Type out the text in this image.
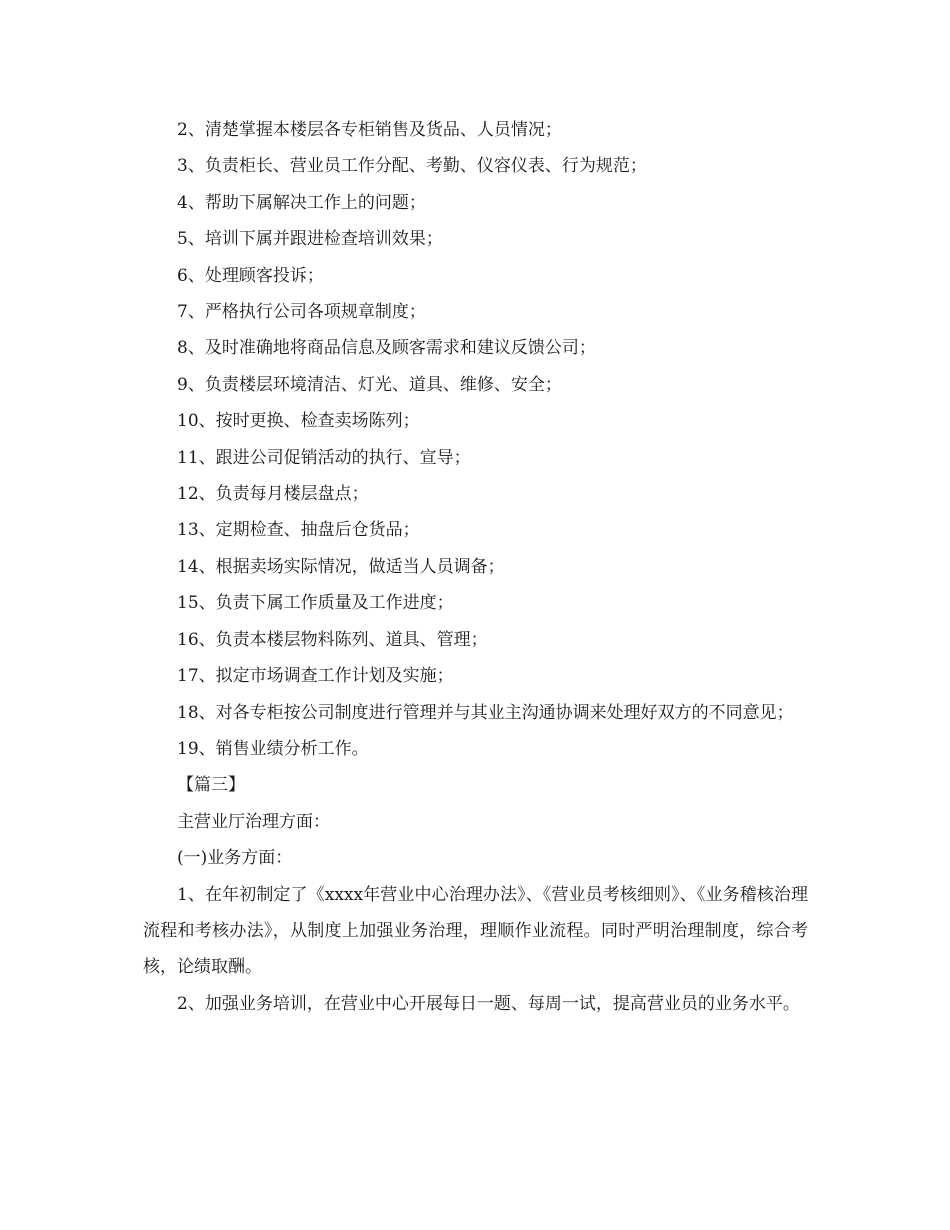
2、清楚掌握本楼层各专柜销售及货品、人员情况；

3、负责柜长、营业员工作分配、考勤、仪容仪表、行为规范；

4、帮助下属解决工作上的问题；

5、培训下属并跟进检查培训效果；

6、处理顾客投诉；

7、严格执行公司各项规章制度；

8、及时准确地将商品信息及顾客需求和建议反馈公司；

9、负责楼层环境清洁、灯光、道具、维修、安全；

10、按时更换、检查卖场陈列；

11、跟进公司促销活动的执行、宣导；

12、负责每月楼层盘点；

13、定期检查、抽盘后仓货品；

14、根据卖场实际情况，做适当人员调备；

15、负责下属工作质量及工作进度；

16、负责本楼层物料陈列、道具、管理；

17、拟定市场调查工作计划及实施；

18、对各专柜按公司制度进行管理并与其业主沟通协调来处理好双方的不同意见；

19、销售业绩分析工作。

【篇三】

主营业厅治理方面：

(一)业务方面：

1、在年初制定了《xxxx年营业中心治理办法》、《营业员考核细则》、《业务稽核治理流程和考核办法》，从制度上加强业务治理，理顺作业流程。同时严明治理制度，综合考核，论绩取酬。

2、加强业务培训，在营业中心开展每日一题、每周一试，提高营业员的业务水平。
